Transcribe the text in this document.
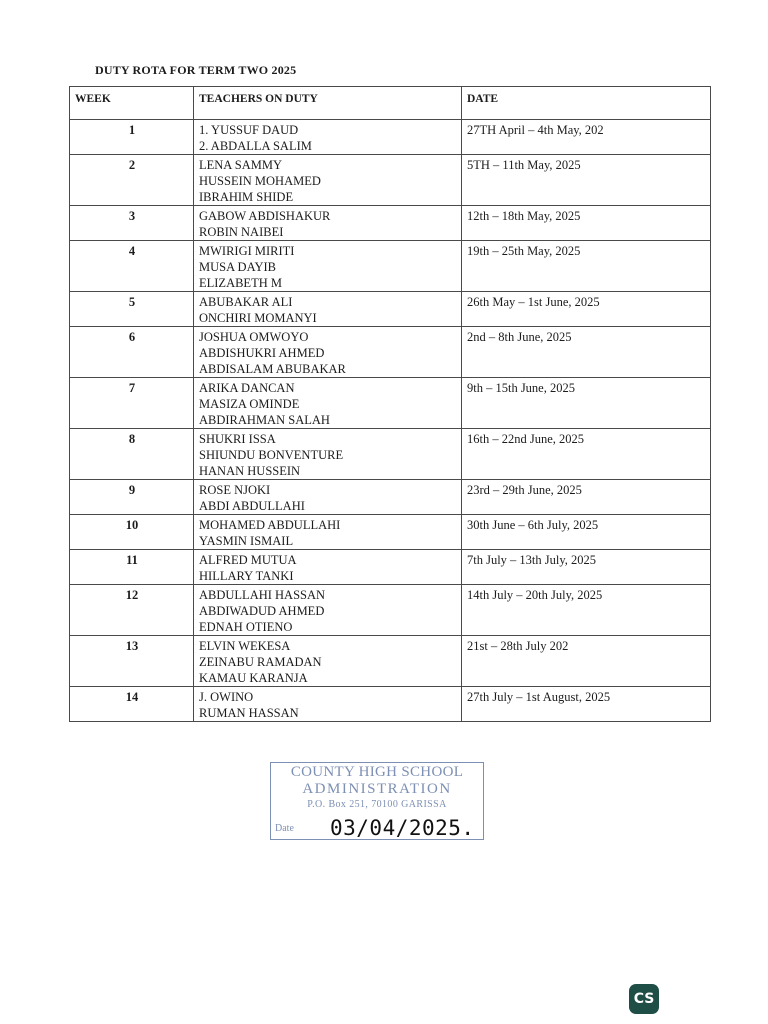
DUTY ROTA FOR TERM TWO 2025
WEEK	TEACHERS ON DUTY	DATE
1	1. YUSSUF DAUD
2. ABDALLA SALIM	27TH April – 4th May, 202
2	LENA SAMMY
HUSSEIN MOHAMED
IBRAHIM SHIDE	5TH – 11th May, 2025
3	GABOW ABDISHAKUR
ROBIN NAIBEI	12th – 18th May, 2025
4	MWIRIGI MIRITI
MUSA DAYIB
ELIZABETH M	19th – 25th May, 2025
5	ABUBAKAR ALI
ONCHIRI MOMANYI	26th May – 1st June, 2025
6	JOSHUA OMWOYO
ABDISHUKRI AHMED
ABDISALAM ABUBAKAR	2nd – 8th June, 2025
7	ARIKA DANCAN
MASIZA OMINDE
ABDIRAHMAN SALAH	9th – 15th June, 2025
8	SHUKRI ISSA
SHIUNDU BONVENTURE
HANAN HUSSEIN	16th – 22nd June, 2025
9	ROSE NJOKI
ABDI ABDULLAHI	23rd – 29th June, 2025
10	MOHAMED ABDULLAHI
YASMIN ISMAIL	30th June – 6th July, 2025
11	ALFRED MUTUA
HILLARY TANKI	7th July – 13th July, 2025
12	ABDULLAHI HASSAN
ABDIWADUD AHMED
EDNAH OTIENO	14th July – 20th July, 2025
13	ELVIN WEKESA
ZEINABU RAMADAN
KAMAU KARANJA	21st – 28th July 202
14	J. OWINO
RUMAN HASSAN	27th July – 1st August, 2025
COUNTY HIGH SCHOOL
ADMINISTRATION
P.O. Box 251, 70100 GARISSA
Date 03/04/2025.
CS
